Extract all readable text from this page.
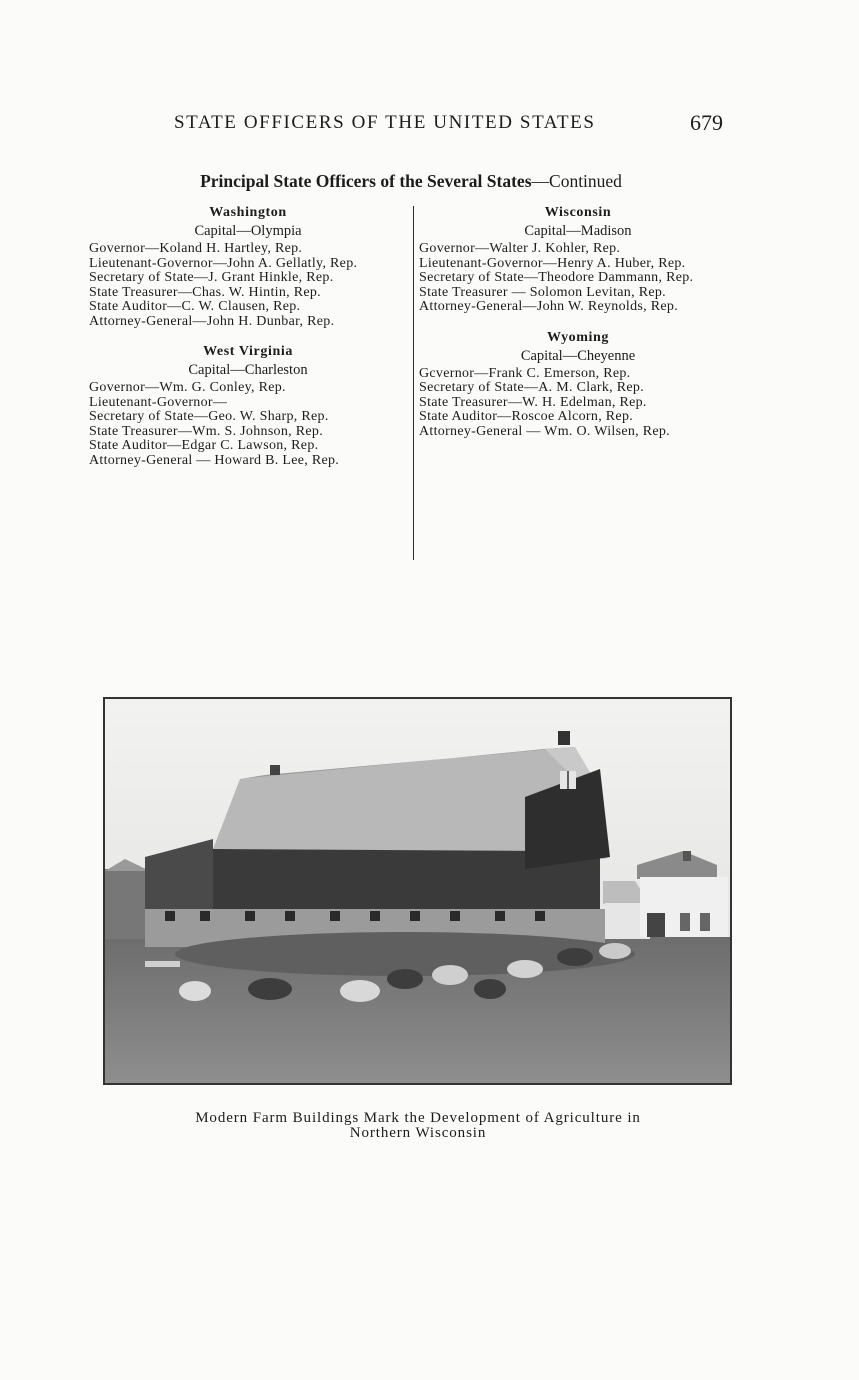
STATE OFFICERS OF THE UNITED STATES	679
Principal State Officers of the Several States—Continued
Washington
Capital—Olympia

Governor—Koland H. Hartley, Rep.

Lieutenant-Governor—John A. Gellatly, Rep.

Secretary of State—J. Grant Hinkle, Rep.

State Treasurer—Chas. W. Hintin, Rep.

State Auditor—C. W. Clausen, Rep.

Attorney-General—John H. Dunbar, Rep.

West Virginia
Capital—Charleston

Governor—Wm. G. Conley, Rep.

Lieutenant-Governor—

Secretary of State—Geo. W. Sharp, Rep.

State Treasurer—Wm. S. Johnson, Rep.

State Auditor—Edgar C. Lawson, Rep.

Attorney-General — Howard B. Lee, Rep.

Wisconsin
Capital—Madison

Governor—Walter J. Kohler, Rep.

Lieutenant-Governor—Henry A. Huber, Rep.

Secretary of State—Theodore Dammann, Rep.

State Treasurer — Solomon Levitan, Rep.

Attorney-General—John W. Reynolds, Rep.

Wyoming
Capital—Cheyenne

Gcvernor—Frank C. Emerson, Rep.

Secretary of State—A. M. Clark, Rep.

State Treasurer—W. H. Edelman, Rep.

State Auditor—Roscoe Alcorn, Rep.

Attorney-General — Wm. O. Wilsen, Rep.

Modern Farm Buildings Mark the Development of Agriculture in
Northern Wisconsin
